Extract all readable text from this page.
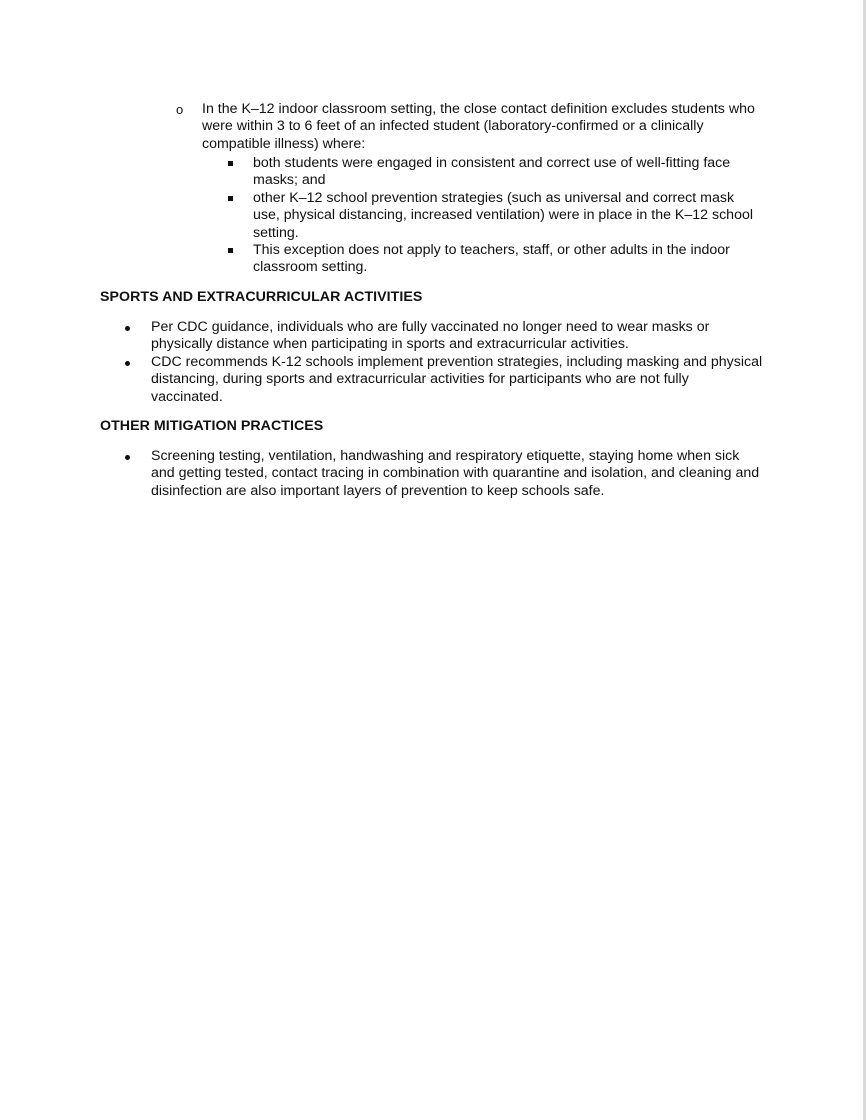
o	In the K–12 indoor classroom setting, the close contact definition excludes students who were within 3 to 6 feet of an infected student (laboratory-confirmed or a clinically compatible illness) where:
both students were engaged in consistent and correct use of well-fitting face masks; and
other K–12 school prevention strategies (such as universal and correct mask use, physical distancing, increased ventilation) were in place in the K–12 school setting.
This exception does not apply to teachers, staff, or other adults in the indoor classroom setting.
SPORTS AND EXTRACURRICULAR ACTIVITIES
Per CDC guidance, individuals who are fully vaccinated no longer need to wear masks or physically distance when participating in sports and extracurricular activities.
CDC recommends K-12 schools implement prevention strategies, including masking and physical distancing, during sports and extracurricular activities for participants who are not fully vaccinated.
OTHER MITIGATION PRACTICES
Screening testing, ventilation, handwashing and respiratory etiquette, staying home when sick and getting tested, contact tracing in combination with quarantine and isolation, and cleaning and disinfection are also important layers of prevention to keep schools safe.
